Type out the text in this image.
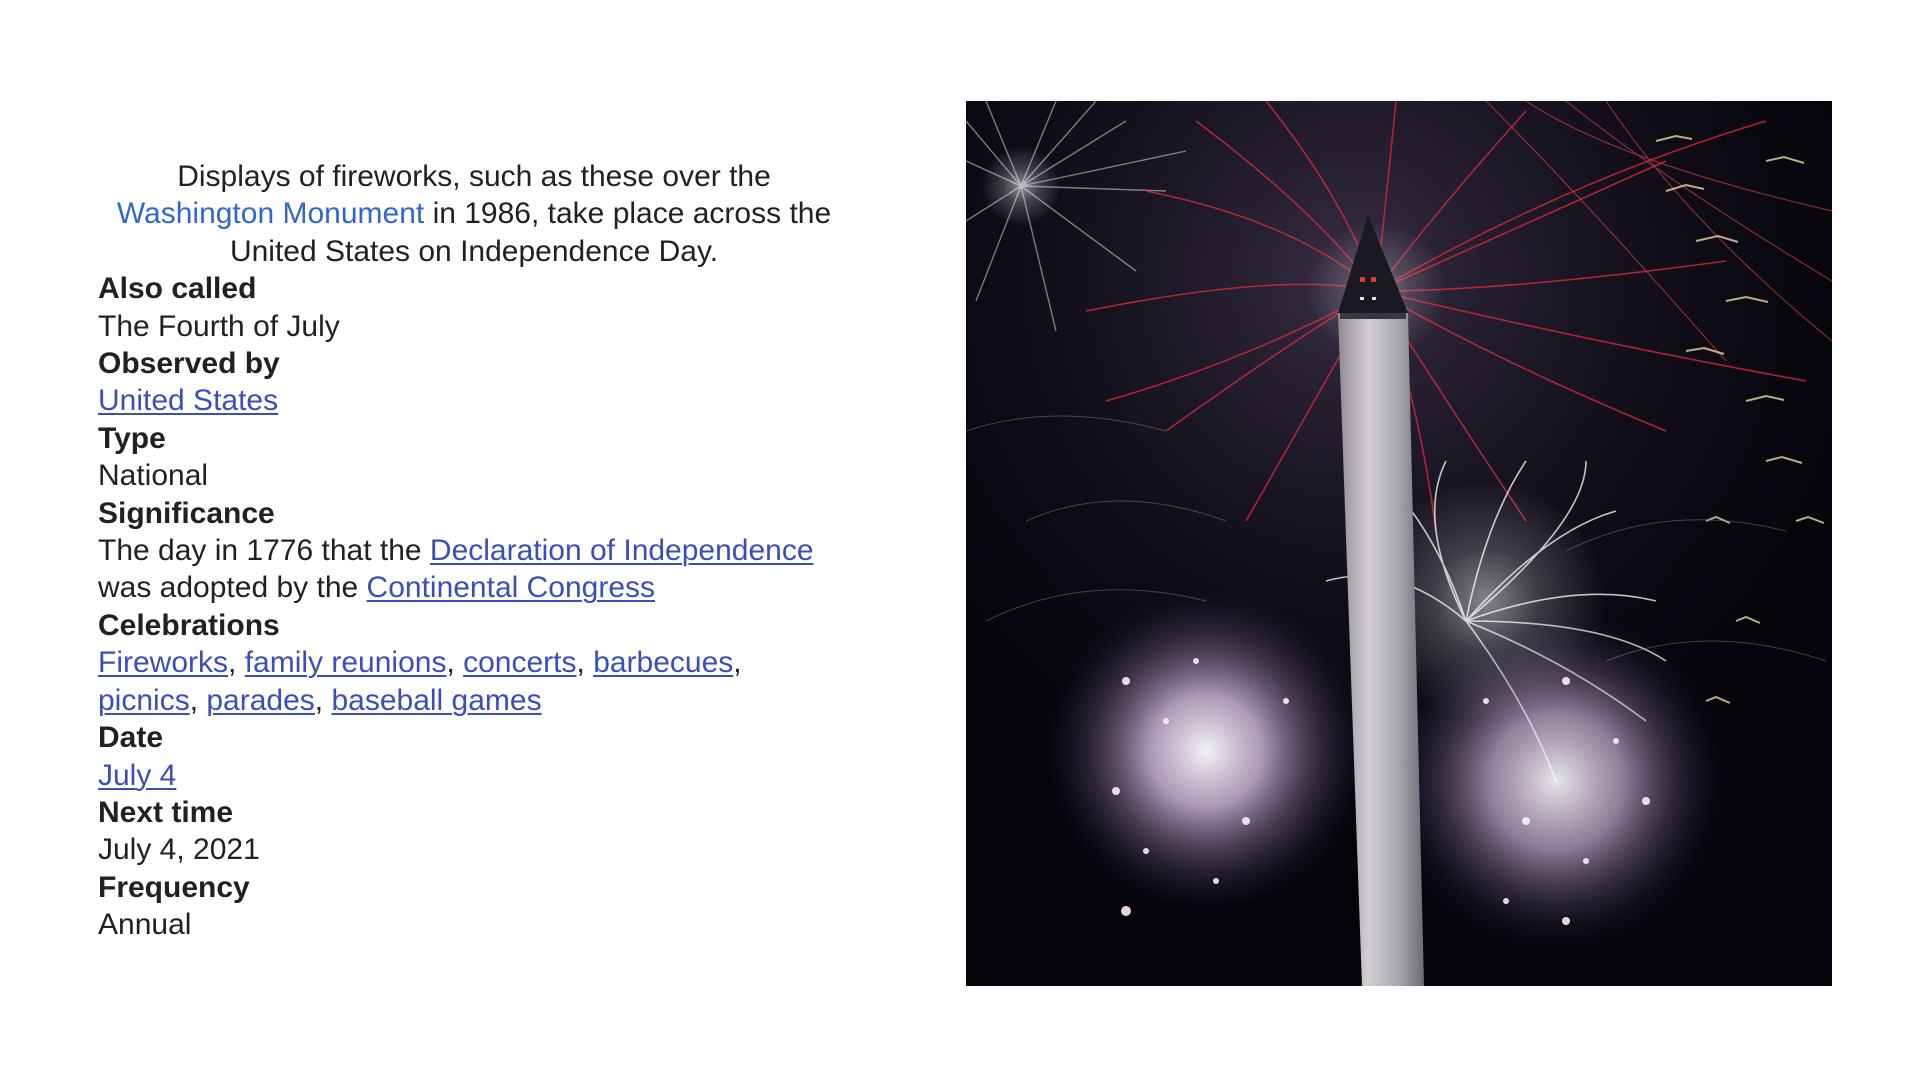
Displays of fireworks, such as these over the
Washington Monument in 1986, take place across the United States on Independence Day.
Also called
The Fourth of July
Observed by
United States
Type
National
Significance
The day in 1776 that the Declaration of Independence
was adopted by the Continental Congress
Celebrations
Fireworks, family reunions, concerts, barbecues,
picnics, parades, baseball games
Date
July 4
Next time
July 4, 2021
Frequency
Annual
